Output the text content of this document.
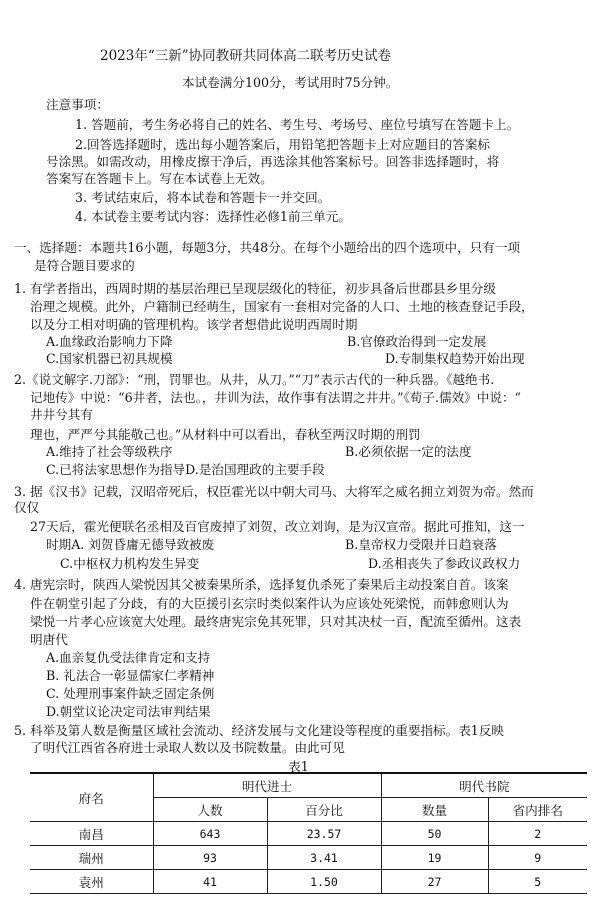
2023年“三新”协同教研共同体高二联考历史试卷
本试卷满分100分，考试用时75分钟。
注意事项：
1. 答题前，考生务必将自己的姓名、考生号、考场号、座位号填写在答题卡上。
2.回答选择题时，选出每小题答案后，用铅笔把答题卡上对应题目的答案标
号涂黑。如需改动，用橡皮擦干净后，再选涂其他答案标号。回答非选择题时，将
答案写在答题卡上。写在本试卷上无效。
3. 考试结束后，将本试卷和答题卡一并交回。
4. 本试卷主要考试内容：选择性必修1前三单元。
一、选择题：本题共16小题，每题3分，共48分。在每个小题给出的四个选项中，只有一项
是符合题目要求的
1. 有学者指出，西周时期的基层治理已呈现层级化的特征，初步具备后世郡县乡里分级
治理之规模。此外，户籍制已经萌生，国家有一套相对完备的人口、土地的核查登记手段，
以及分工相对明确的管理机构。该学者想借此说明西周时期
A.血缘政治影响力下降	B.官僚政治得到一定发展
C.国家机器已初具规模	D.专制集权趋势开始出现
2.《说文解字.刀部》：“刑，罚罪也。从井，从刀。”“刀”表示古代的一种兵器。《越绝书.
记地传》中说：“6井者，法也。，井训为法，故作事有法谓之井井。”《荀子.儒效》中说：“
井井兮其有
理也，严严兮其能敬己也。”从材料中可以看出，春秋至两汉时期的刑罚
A.维持了社会等级秩序	B.必须依据一定的法度
C.已将法家思想作为指导D.是治国理政的主要手段
3. 据《汉书》记载，汉昭帝死后，权臣霍光以中朝大司马、大将军之威名拥立刘贺为帝。然而
仅仅
27天后，霍光便联名丞相及百官废掉了刘贺，改立刘询，是为汉宣帝。据此可推知，这一
时期A. 刘贺昏庸无德导致被废	B.皇帝权力受限并日趋衰落
C.中枢权力机构发生异变	D.丞相丧失了参政议政权力
4. 唐宪宗时，陕西人梁悦因其父被秦果所杀，选择复仇杀死了秦果后主动投案自首。该案
件在朝堂引起了分歧，有的大臣援引玄宗时类似案件认为应该处死梁悦，而韩愈则认为
梁悦一片孝心应该宽大处理。最终唐宪宗免其死罪，只对其决杖一百，配流至循州。这表
明唐代
A.血亲复仇受法律肯定和支持
B. 礼法合一彰显儒家仁孝精神
C. 处理刑事案件缺乏固定条例
D.朝堂议论决定司法审判结果
5. 科举及第人数是衡量区域社会流动、经济发展与文化建设等程度的重要指标。表1反映
了明代江西省各府进士录取人数以及书院数量。由此可见
表1
府名	明代进士		明代书院	
	人数	百分比	数量	省内排名
南昌	643	23.57	50	2
瑞州	93	3.41	19	9
袁州	41	1.50	27	5
